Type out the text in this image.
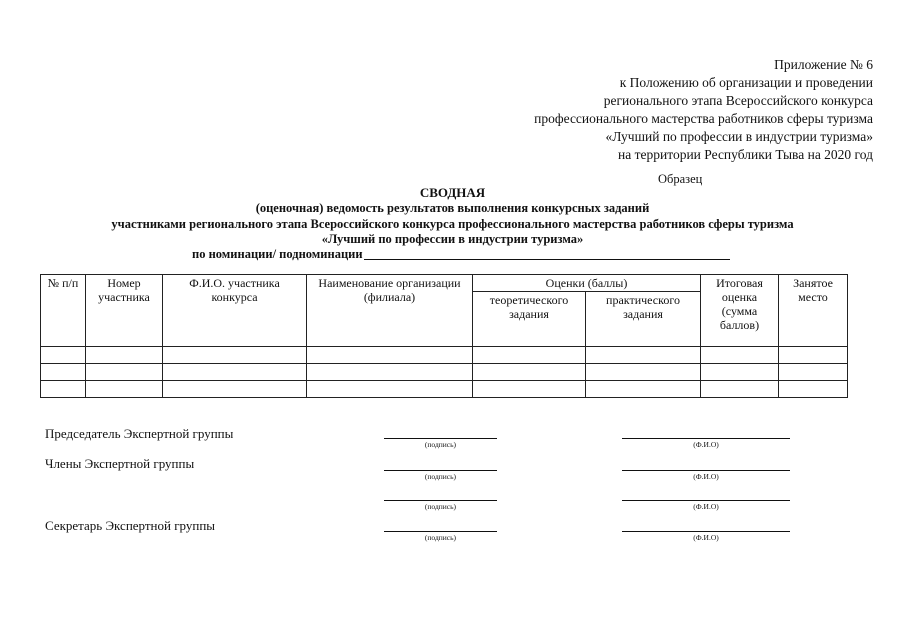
Приложение № 6
к Положению об организации и проведении
регионального этапа Всероссийского конкурса
профессионального мастерства работников сферы туризма
«Лучший по профессии в индустрии туризма»
на территории Республики Тыва на 2020 год
Образец
СВОДНАЯ
(оценочная) ведомость результатов выполнения конкурсных заданий
участниками регионального этапа Всероссийского конкурса профессионального мастерства работников сферы туризма
«Лучший по профессии в индустрии туризма»
по номинации/ подноминации
№ п/п	Номер участника	Ф.И.О. участника конкурса	Наименование организации (филиала)	Оценки (баллы)		Итоговая оценка (сумма баллов)	Занятое место
				теоретического задания	практического задания		

Председатель Экспертной группы
(подпись)	(Ф.И.О)
Члены Экспертной группы
(подпись)	(Ф.И.О)
(подпись)	(Ф.И.О)
Секретарь Экспертной группы
(подпись)	(Ф.И.О)
